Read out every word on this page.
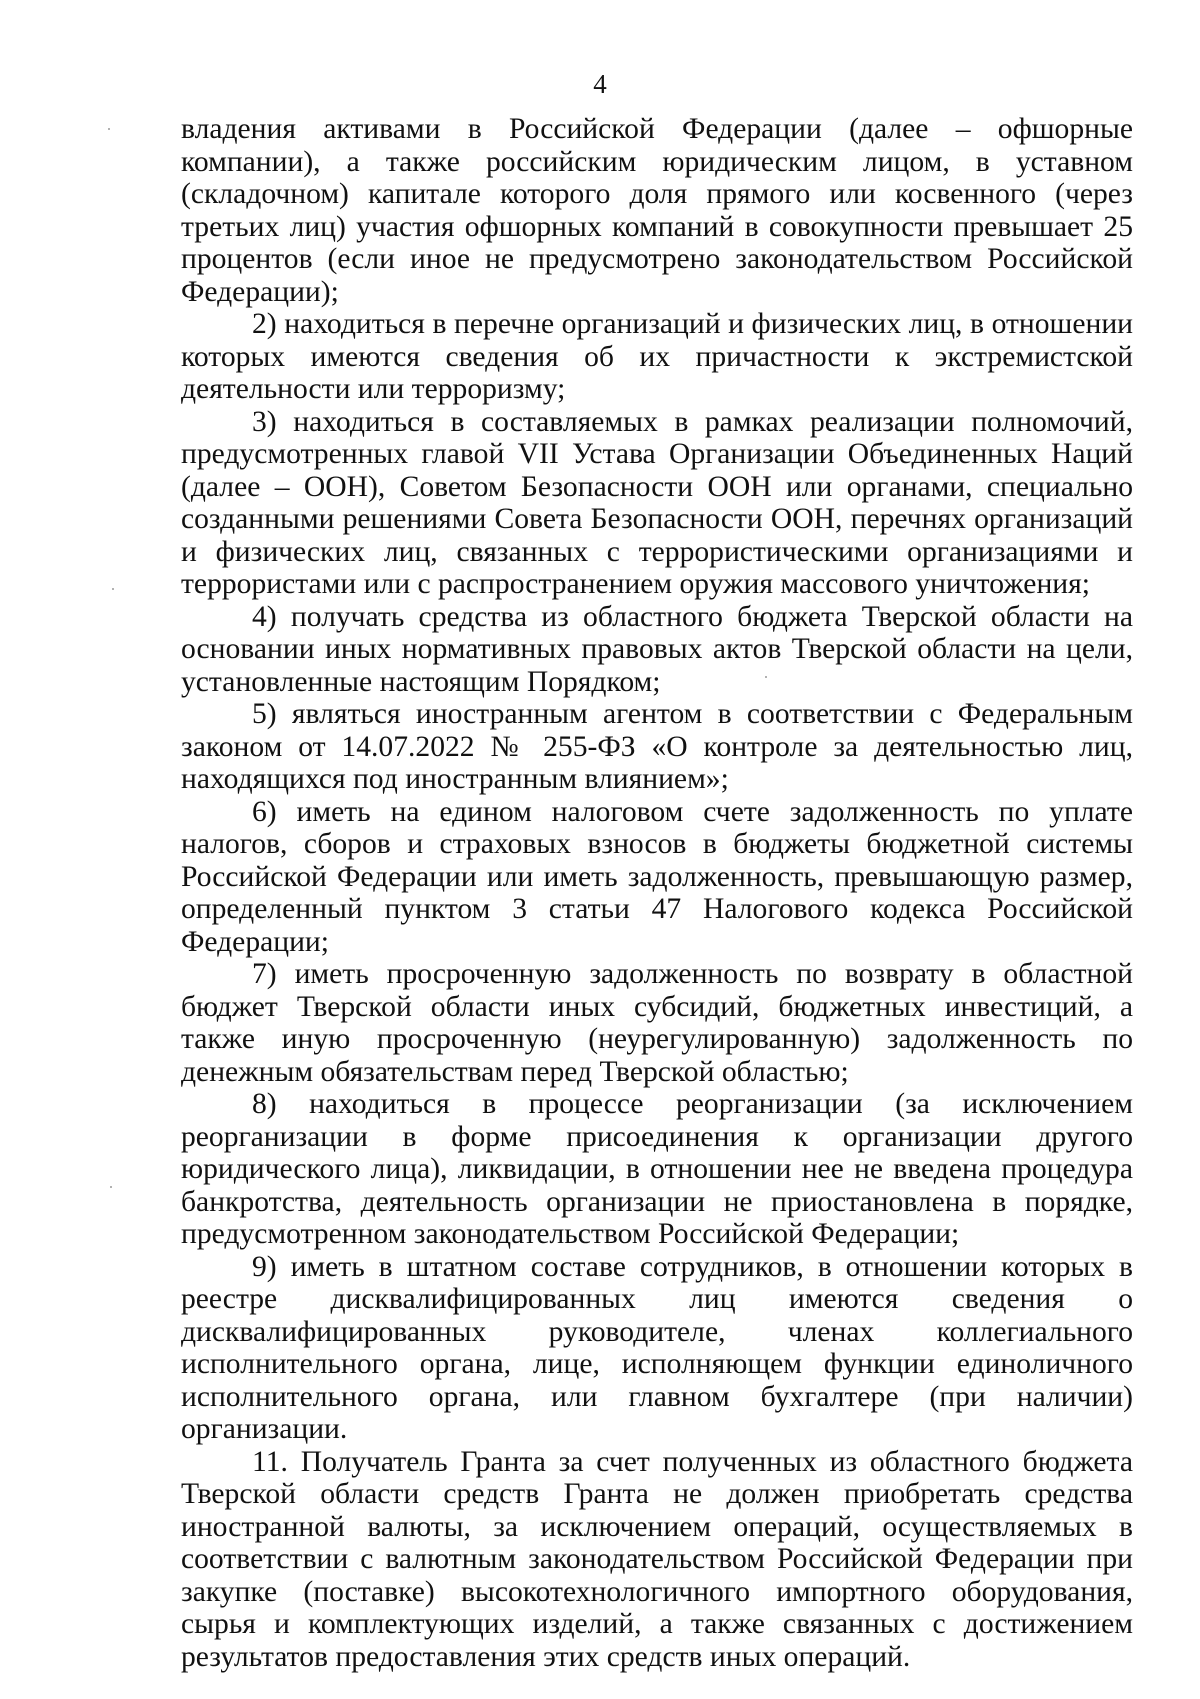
4

владения активами в Российской Федерации (далее – офшорные компании), а также российским юридическим лицом, в уставном (складочном) капитале которого доля прямого или косвенного (через третьих лиц) участия офшорных компаний в совокупности превышает 25 процентов (если иное не предусмотрено законодательством Российской Федерации);

2) находиться в перечне организаций и физических лиц, в отношении которых имеются сведения об их причастности к экстремистской деятельности или терроризму;

3) находиться в составляемых в рамках реализации полномочий, предусмотренных главой VII Устава Организации Объединенных Наций (далее – ООН), Советом Безопасности ООН или органами, специально созданными решениями Совета Безопасности ООН, перечнях организаций и физических лиц, связанных с террористическими организациями и террористами или с распространением оружия массового уничтожения;

4) получать средства из областного бюджета Тверской области на основании иных нормативных правовых актов Тверской области на цели, установленные настоящим Порядком;

5) являться иностранным агентом в соответствии с Федеральным законом от 14.07.2022 № 255-ФЗ «О контроле за деятельностью лиц, находящихся под иностранным влиянием»;

6) иметь на едином налоговом счете задолженность по уплате налогов, сборов и страховых взносов в бюджеты бюджетной системы Российской Федерации или иметь задолженность, превышающую размер, определенный пунктом 3 статьи 47 Налогового кодекса Российской Федерации;

7) иметь просроченную задолженность по возврату в областной бюджет Тверской области иных субсидий, бюджетных инвестиций, а также иную просроченную (неурегулированную) задолженность по денежным обязательствам перед Тверской областью;

8) находиться в процессе реорганизации (за исключением реорганизации в форме присоединения к организации другого юридического лица), ликвидации, в отношении нее не введена процедура банкротства, деятельность организации не приостановлена в порядке, предусмотренном законодательством Российской Федерации;

9) иметь в штатном составе сотрудников, в отношении которых в реестре дисквалифицированных лиц имеются сведения о дисквалифицированных руководителе, членах коллегиального исполнительного органа, лице, исполняющем функции единоличного исполнительного органа, или главном бухгалтере (при наличии) организации.

11. Получатель Гранта за счет полученных из областного бюджета Тверской области средств Гранта не должен приобретать средства иностранной валюты, за исключением операций, осуществляемых в соответствии с валютным законодательством Российской Федерации при закупке (поставке) высокотехнологичного импортного оборудования, сырья и комплектующих изделий, а также связанных с достижением результатов предоставления этих средств иных операций.
